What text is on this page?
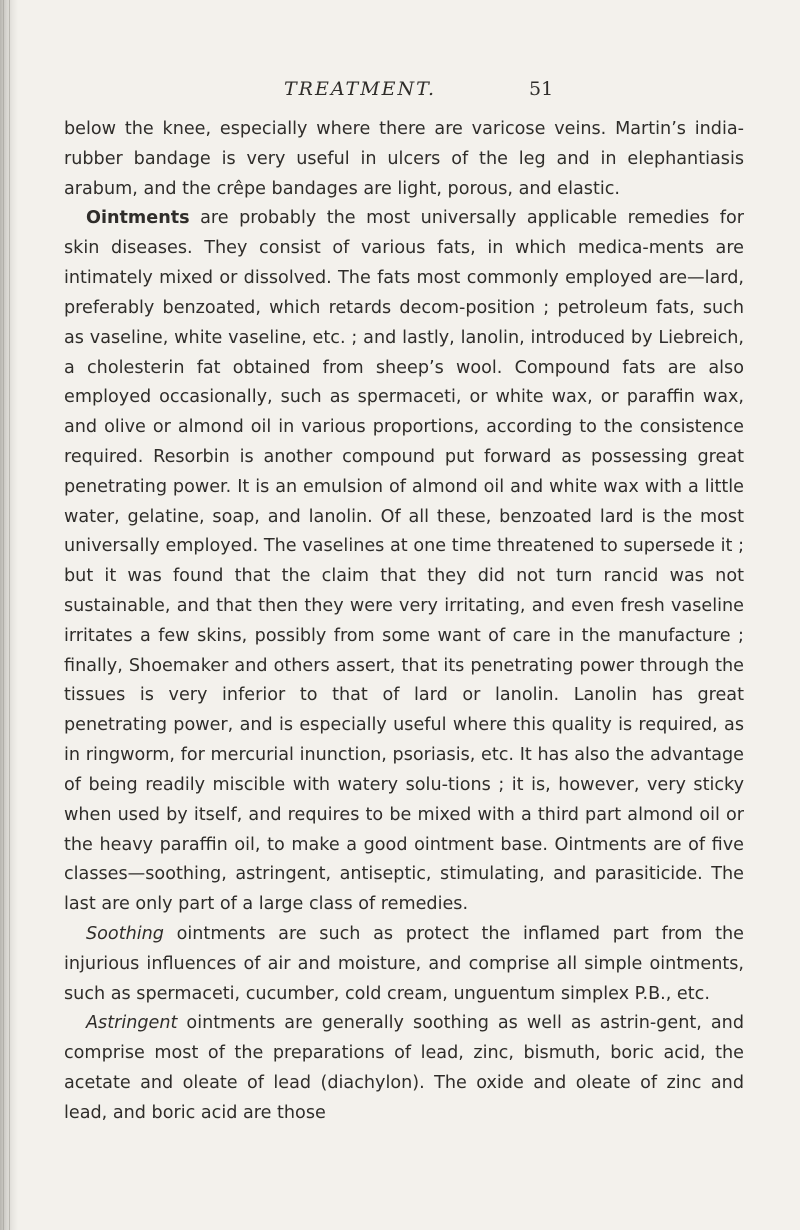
TREATMENT.	51

below the knee, especially where there are varicose veins. Martin’s india-rubber bandage is very useful in ulcers of the leg and in elephantiasis arabum, and the crêpe bandages are light, porous, and elastic.

Ointments are probably the most universally applicable remedies for skin diseases. They consist of various fats, in which medica-ments are intimately mixed or dissolved. The fats most commonly employed are—lard, preferably benzoated, which retards decom-position ; petroleum fats, such as vaseline, white vaseline, etc. ; and lastly, lanolin, introduced by Liebreich, a cholesterin fat obtained from sheep’s wool. Compound fats are also employed occasionally, such as spermaceti, or white wax, or paraffin wax, and olive or almond oil in various proportions, according to the consistence required. Resorbin is another compound put forward as possessing great penetrating power. It is an emulsion of almond oil and white wax with a little water, gelatine, soap, and lanolin. Of all these, benzoated lard is the most universally employed. The vaselines at one time threatened to supersede it ; but it was found that the claim that they did not turn rancid was not sustainable, and that then they were very irritating, and even fresh vaseline irritates a few skins, possibly from some want of care in the manufacture ; finally, Shoemaker and others assert, that its penetrating power through the tissues is very inferior to that of lard or lanolin. Lanolin has great penetrating power, and is especially useful where this quality is required, as in ringworm, for mercurial inunction, psoriasis, etc. It has also the advantage of being readily miscible with watery solu-tions ; it is, however, very sticky when used by itself, and requires to be mixed with a third part almond oil or the heavy paraffin oil, to make a good ointment base. Ointments are of five classes—soothing, astringent, antiseptic, stimulating, and parasiticide. The last are only part of a large class of remedies.

Soothing ointments are such as protect the inflamed part from the injurious influences of air and moisture, and comprise all simple ointments, such as spermaceti, cucumber, cold cream, unguentum simplex P.B., etc.

Astringent ointments are generally soothing as well as astrin-gent, and comprise most of the preparations of lead, zinc, bismuth, boric acid, the acetate and oleate of lead (diachylon). The oxide and oleate of zinc and lead, and boric acid are those
